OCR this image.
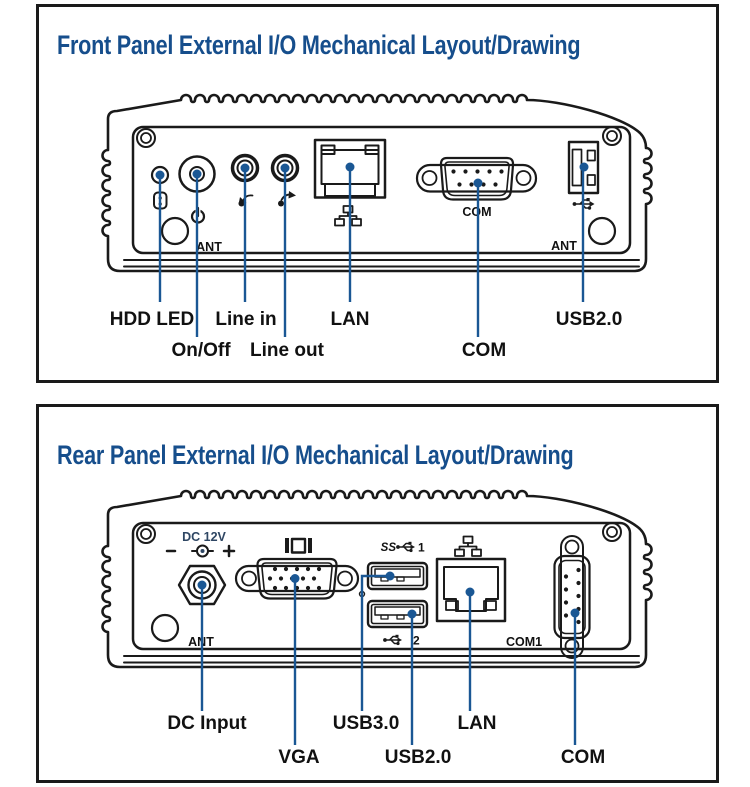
Front Panel External I/O Mechanical Layout/Drawing
Rear Panel External I/O Mechanical Layout/Drawing
ANT
COM
ANT
HDD LED Line in	LAN	USB2.0
On/Off Line out	COM
DC 12V
ANT
SS 1
2	COM1
DC Input	USB3.0	LAN
VGA	USB2.0	COM
